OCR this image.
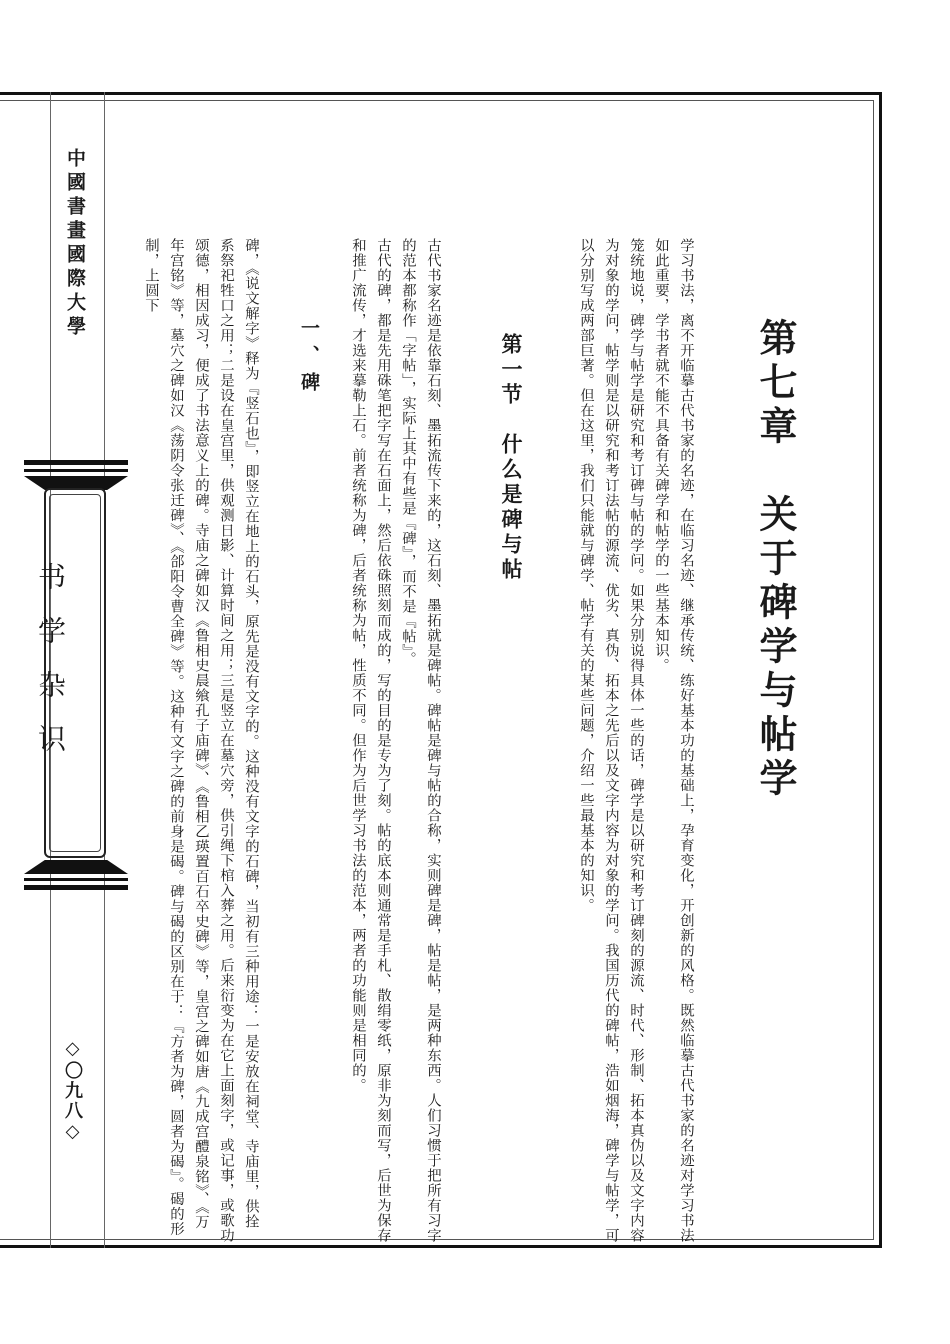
中國書畫國際大學
书学杂识
◇〇九八◇
第七章　关于碑学与帖学
学习书法，离不开临摹古代书家的名迹，在临习名迹、继承传统、练好基本功的基础上，孕育变化，开创新的风格。既然临摹古代书家的名迹对学习书法如此重要，学书者就不能不具备有关碑学和帖学的一些基本知识。
笼统地说，碑学与帖学是研究和考订碑与帖的学问。如果分别说得具体一些的话，碑学是以研究和考订碑刻的源流、时代、形制、拓本真伪以及文字内容为对象的学问，帖学则是以研究和考订法帖的源流、优劣、真伪、拓本之先后以及文字内容为对象的学问。我国历代的碑帖，浩如烟海，碑学与帖学，可以分别写成两部巨著。但在这里，我们只能就与碑学、帖学有关的某些问题，介绍一些最基本的知识。
第一节　什么是碑与帖
古代书家名迹是依靠石刻、墨拓流传下来的，这石刻、墨拓就是碑帖。碑帖是碑与帖的合称，实则碑是碑，帖是帖，是两种东西。人们习惯于把所有习字的范本都称作「字帖」，实际上其中有些是『碑』，而不是『帖』。
古代的碑，都是先用硃笔把字写在石面上，然后依硃照刻而成的，写的目的是专为了刻。帖的底本则通常是手札、散绢零纸，原非为刻而写，后世为保存和推广流传，才选来摹勒上石。前者统称为碑，后者统称为帖，性质不同。但作为后世学习书法的范本，两者的功能则是相同的。
一、碑
碑，《说文解字》释为『竖石也』，即竖立在地上的石头，原先是没有文字的。这种没有文字的石碑，当初有三种用途：一是安放在祠堂、寺庙里，供拴系祭祀牲口之用；二是设在皇宫里，供观测日影、计算时间之用；三是竖立在墓穴旁，供引绳下棺入葬之用。后来衍变为在它上面刻字，或记事，或歌功颂德，相因成习，便成了书法意义上的碑。寺庙之碑如汉《鲁相史晨飨孔子庙碑》、《鲁相乙瑛置百石卒史碑》等，皇宫之碑如唐《九成宫醴泉铭》、《万年宫铭》等，墓穴之碑如汉《荡阴令张迁碑》、《郃阳令曹全碑》等。这种有文字之碑的前身是碣。碑与碣的区别在于：『方者为碑，圆者为碣』。碣的形制，上圆下
